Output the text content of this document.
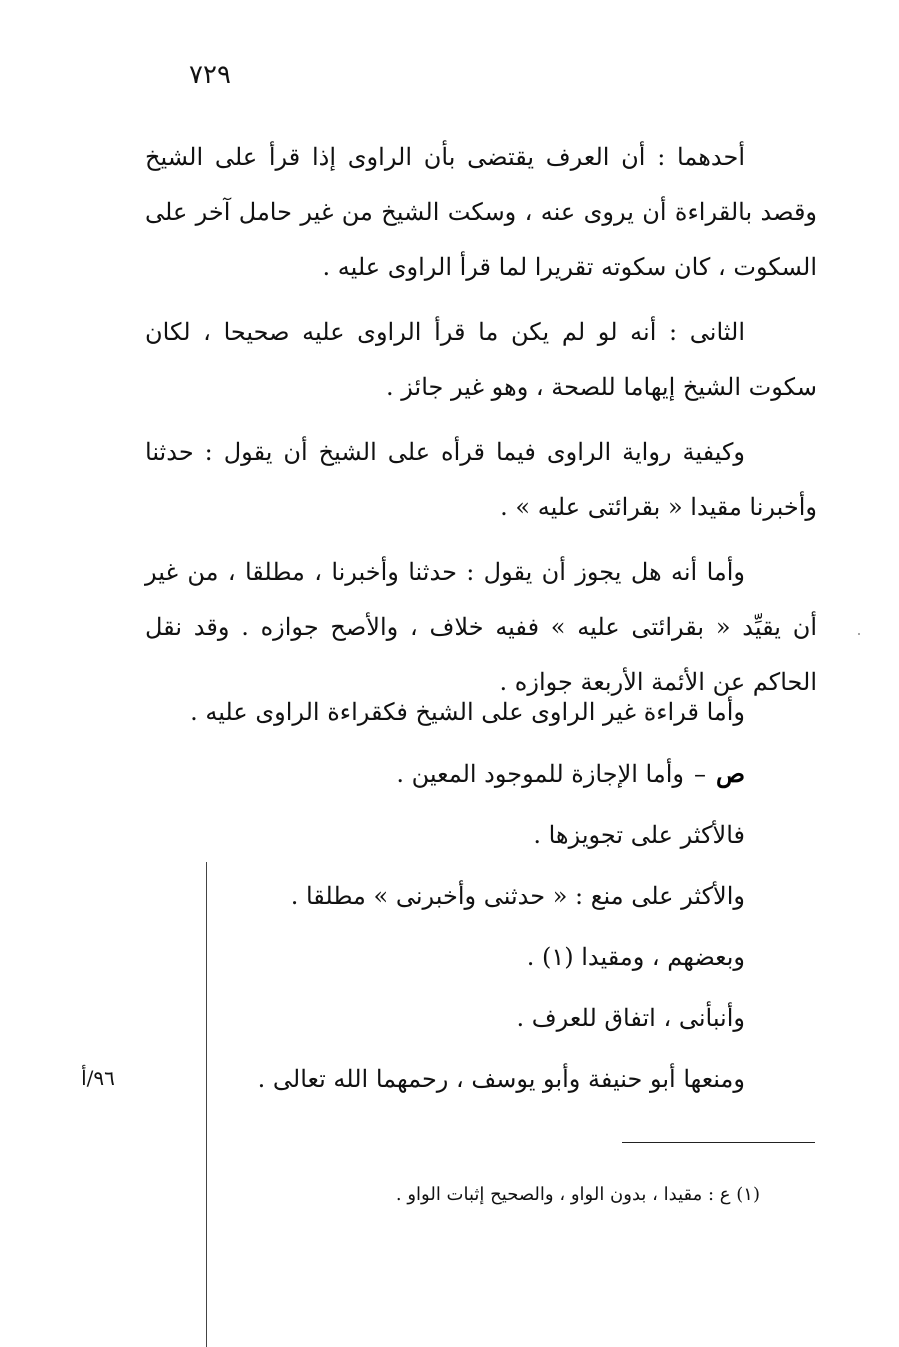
٧٢٩

أحدهما : أن العرف يقتضى بأن الراوى إذا قرأ على الشيخ وقصد بالقراءة أن يروى عنه ، وسكت الشيخ من غير حامل آخر على السكوت ، كان سكوته تقريرا لما قرأ الراوى عليه .

الثانى : أنه لو لم يكن ما قرأ الراوى عليه صحيحا ، لكان سكوت الشيخ إيهاما للصحة ، وهو غير جائز .

وكيفية رواية الراوى فيما قرأه على الشيخ أن يقول : حدثنا وأخبرنا مقيدا « بقرائتى عليه » .

وأما أنه هل يجوز أن يقول : حدثنا وأخبرنا ، مطلقا ، من غير أن يقيِّد « بقرائتى عليه » ففيه خلاف ، والأصح جوازه . وقد نقل الحاكم عن الأئمة الأربعة جوازه .

وأما قراءة غير الراوى على الشيخ فكقراءة الراوى عليه .

ص–وأما الإجازة للموجود المعين .

فالأكثر على تجويزها .

والأكثر على منع : « حدثنى وأخبرنى » مطلقا .

وبعضهم ، ومقيدا (١) .

وأنبأنى ، اتفاق للعرف .

ومنعها أبو حنيفة وأبو يوسف ، رحمهما الله تعالى .

٩٦/أ
(١) ع : مقيدا ، بدون الواو ، والصحيح إثبات الواو .
